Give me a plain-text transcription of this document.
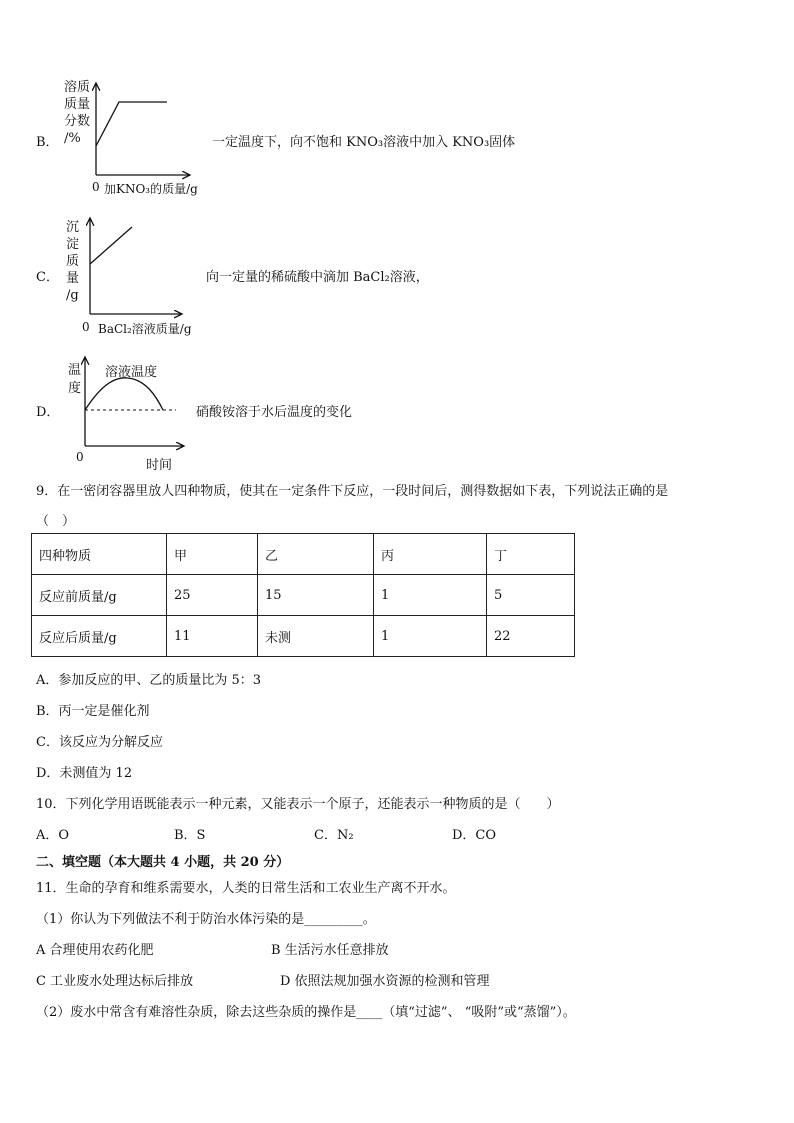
B．
溶质
质量
分数
/%
0 加KNO₃的质量/g
一定温度下，向不饱和 KNO₃溶液中加入 KNO₃固体
C．
沉
淀
质
量
/g
0 BaCl₂溶液质量/g
向一定量的稀硫酸中滴加 BaCl₂溶液，
D．
温
度
溶液温度
0
时间
硝酸铵溶于水后温度的变化
9．在一密闭容器里放人四种物质，使其在一定条件下反应，一段时间后，测得数据如下表，下列说法正确的是
（　）
四种物质	甲	乙	丙	丁
反应前质量/g	25	15	1	5
反应后质量/g	11	未测	1	22
A．参加反应的甲、乙的质量比为 5：3
B．丙一定是催化剂
C．该反应为分解反应
D．未测值为 12
10．下列化学用语既能表示一种元素，又能表示一个原子，还能表示一种物质的是（　　）
A．O	B．S	C．N₂	D．CO
二、填空题（本大题共 4 小题，共 20 分）
11．生命的孕育和维系需要水，人类的日常生活和工农业生产离不开水。
（1）你认为下列做法不利于防治水体污染的是_________。
A 合理使用农药化肥	B 生活污水任意排放
C 工业废水处理达标后排放	D 依照法规加强水资源的检测和管理
（2）废水中常含有难溶性杂质，除去这些杂质的操作是____（填“过滤”、 “吸附”或“蒸馏”）。
